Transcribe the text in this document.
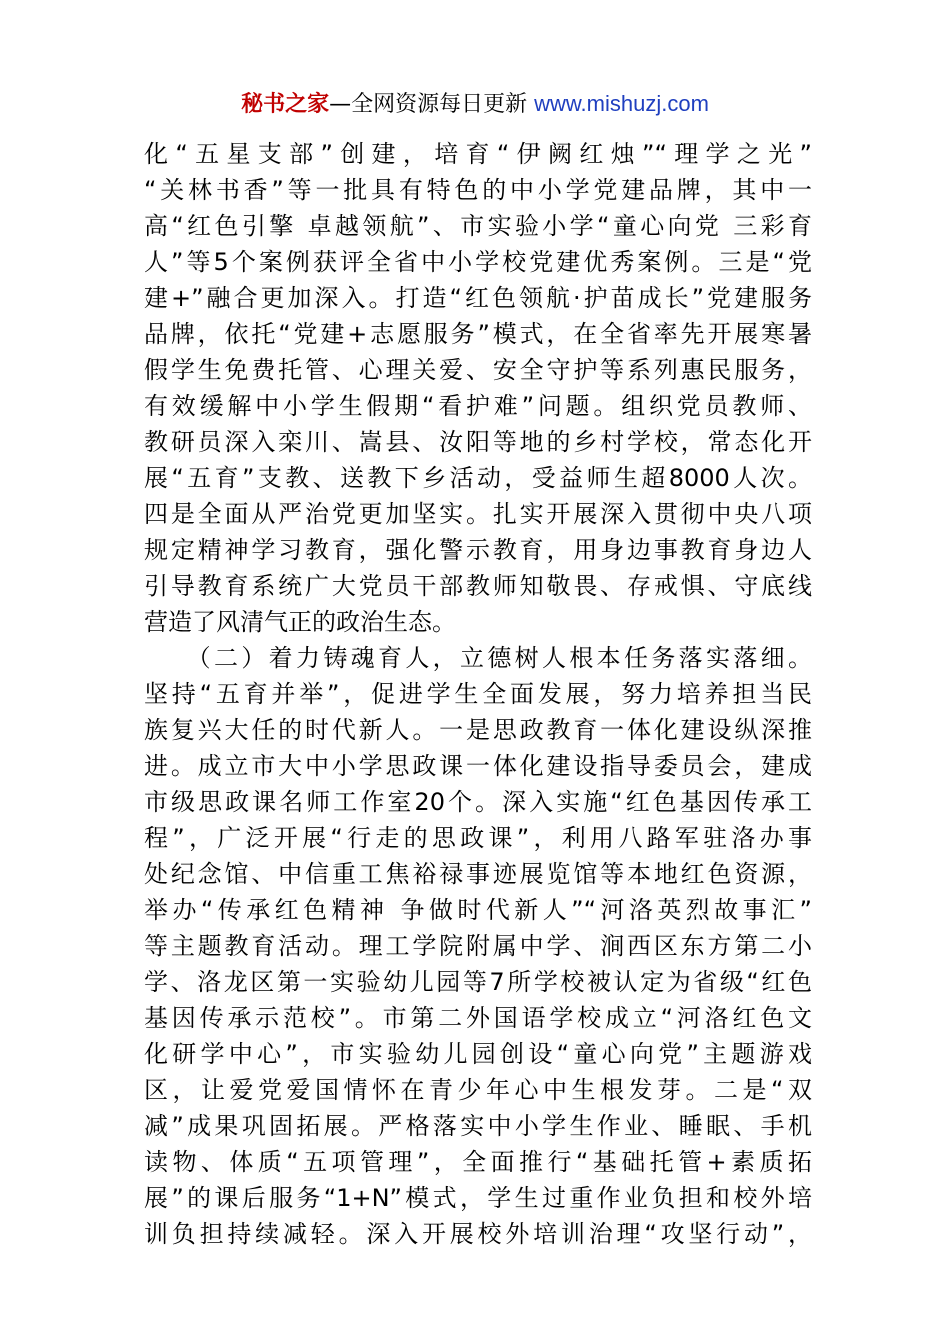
秘书之家—全网资源每日更新 www.mishuzj.com
化“五星支部”创建，培育“伊阙红烛”“理学之光”
“关林书香”等一批具有特色的中小学党建品牌，其中一
高“红色引擎 卓越领航”、市实验小学“童心向党 三彩育
人”等5个案例获评全省中小学校党建优秀案例。三是“党
建+”融合更加深入。打造“红色领航·护苗成长”党建服务
品牌，依托“党建+志愿服务”模式，在全省率先开展寒暑
假学生免费托管、心理关爱、安全守护等系列惠民服务，
有效缓解中小学生假期“看护难”问题。组织党员教师、
教研员深入栾川、嵩县、汝阳等地的乡村学校，常态化开
展“五育”支教、送教下乡活动，受益师生超8000人次。
四是全面从严治党更加坚实。扎实开展深入贯彻中央八项
规定精神学习教育，强化警示教育，用身边事教育身边人
引导教育系统广大党员干部教师知敬畏、存戒惧、守底线
营造了风清气正的政治生态。
　　（二）着力铸魂育人，立德树人根本任务落实落细。
坚持“五育并举”，促进学生全面发展，努力培养担当民
族复兴大任的时代新人。一是思政教育一体化建设纵深推
进。成立市大中小学思政课一体化建设指导委员会，建成
市级思政课名师工作室20个。深入实施“红色基因传承工
程”，广泛开展“行走的思政课”，利用八路军驻洛办事
处纪念馆、中信重工焦裕禄事迹展览馆等本地红色资源，
举办“传承红色精神 争做时代新人”“河洛英烈故事汇”
等主题教育活动。理工学院附属中学、涧西区东方第二小
学、洛龙区第一实验幼儿园等7所学校被认定为省级“红色
基因传承示范校”。市第二外国语学校成立“河洛红色文
化研学中心”，市实验幼儿园创设“童心向党”主题游戏
区，让爱党爱国情怀在青少年心中生根发芽。二是“双
减”成果巩固拓展。严格落实中小学生作业、睡眠、手机
读物、体质“五项管理”，全面推行“基础托管+素质拓
展”的课后服务“1+N”模式，学生过重作业负担和校外培
训负担持续减轻。深入开展校外培训治理“攻坚行动”，
